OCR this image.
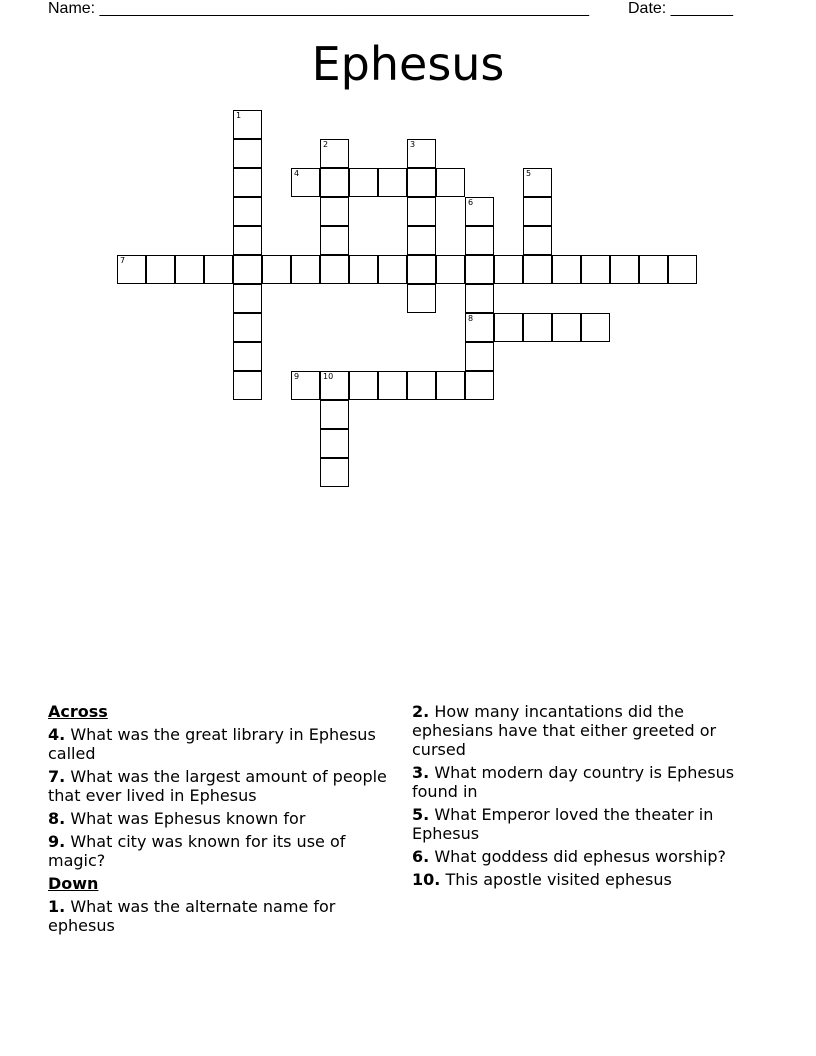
Name: _______________________________________________________ Date: _______
Ephesus
1
2	3
4	5
6
8
7
9	10
Across
4. What was the great library in Ephesus called
7. What was the largest amount of people that ever lived in Ephesus
8. What was Ephesus known for
9. What city was known for its use of magic?
Down
1. What was the alternate name for ephesus
2. How many incantations did the ephesians have that either greeted or cursed
3. What modern day country is Ephesus found in
5. What Emperor loved the theater in Ephesus
6. What goddess did ephesus worship?
10. This apostle visited ephesus
